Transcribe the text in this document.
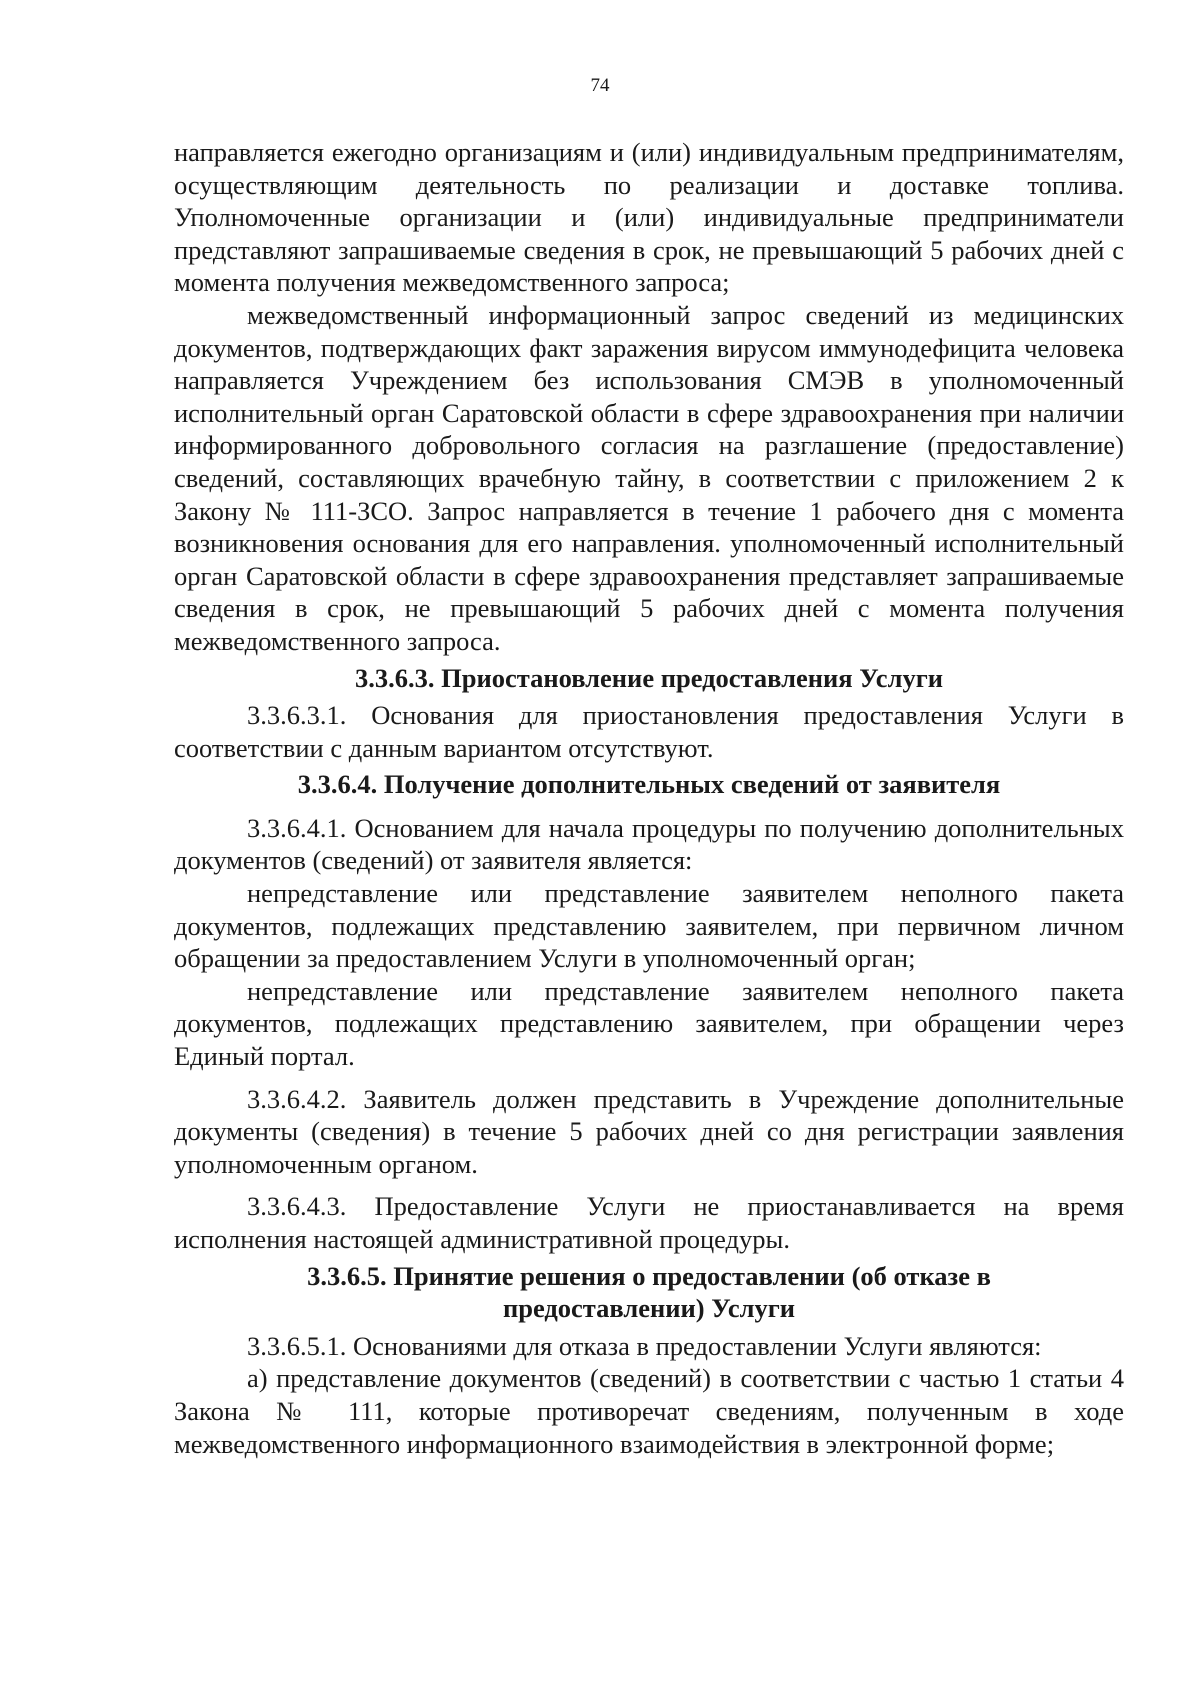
74

направляется ежегодно организациям и (или) индивидуальным предпринимателям, осуществляющим деятельность по реализации и доставке топлива. Уполномоченные организации и (или) индивидуальные предприниматели представляют запрашиваемые сведения в срок, не превышающий 5 рабочих дней с момента получения межведомственного запроса;

межведомственный информационный запрос сведений из медицинских документов, подтверждающих факт заражения вирусом иммунодефицита человека направляется Учреждением без использования СМЭВ в уполномоченный исполнительный орган Саратовской области в сфере здравоохранения при наличии информированного добровольного согласия на разглашение (предоставление) сведений, составляющих врачебную тайну, в соответствии с приложением 2 к Закону № 111-ЗСО. Запрос направляется в течение 1 рабочего дня с момента возникновения основания для его направления. уполномоченный исполнительный орган Саратовской области в сфере здравоохранения представляет запрашиваемые сведения в срок, не превышающий 5 рабочих дней с момента получения межведомственного запроса.

3.3.6.3. Приостановление предоставления Услуги

3.3.6.3.1. Основания для приостановления предоставления Услуги в соответствии с данным вариантом отсутствуют.

3.3.6.4. Получение дополнительных сведений от заявителя

3.3.6.4.1. Основанием для начала процедуры по получению дополнительных документов (сведений) от заявителя является:

непредставление или представление заявителем неполного пакета документов, подлежащих представлению заявителем, при первичном личном обращении за предоставлением Услуги в уполномоченный орган;

непредставление или представление заявителем неполного пакета документов, подлежащих представлению заявителем, при обращении через Единый портал.

3.3.6.4.2. Заявитель должен представить в Учреждение дополнительные документы (сведения) в течение 5 рабочих дней со дня регистрации заявления уполномоченным органом.

3.3.6.4.3. Предоставление Услуги не приостанавливается на время исполнения настоящей административной процедуры.

3.3.6.5. Принятие решения о предоставлении (об отказе в
предоставлении) Услуги

3.3.6.5.1. Основаниями для отказа в предоставлении Услуги являются:

а) представление документов (сведений) в соответствии с частью 1 статьи 4 Закона № 111, которые противоречат сведениям, полученным в ходе межведомственного информационного взаимодействия в электронной форме;
